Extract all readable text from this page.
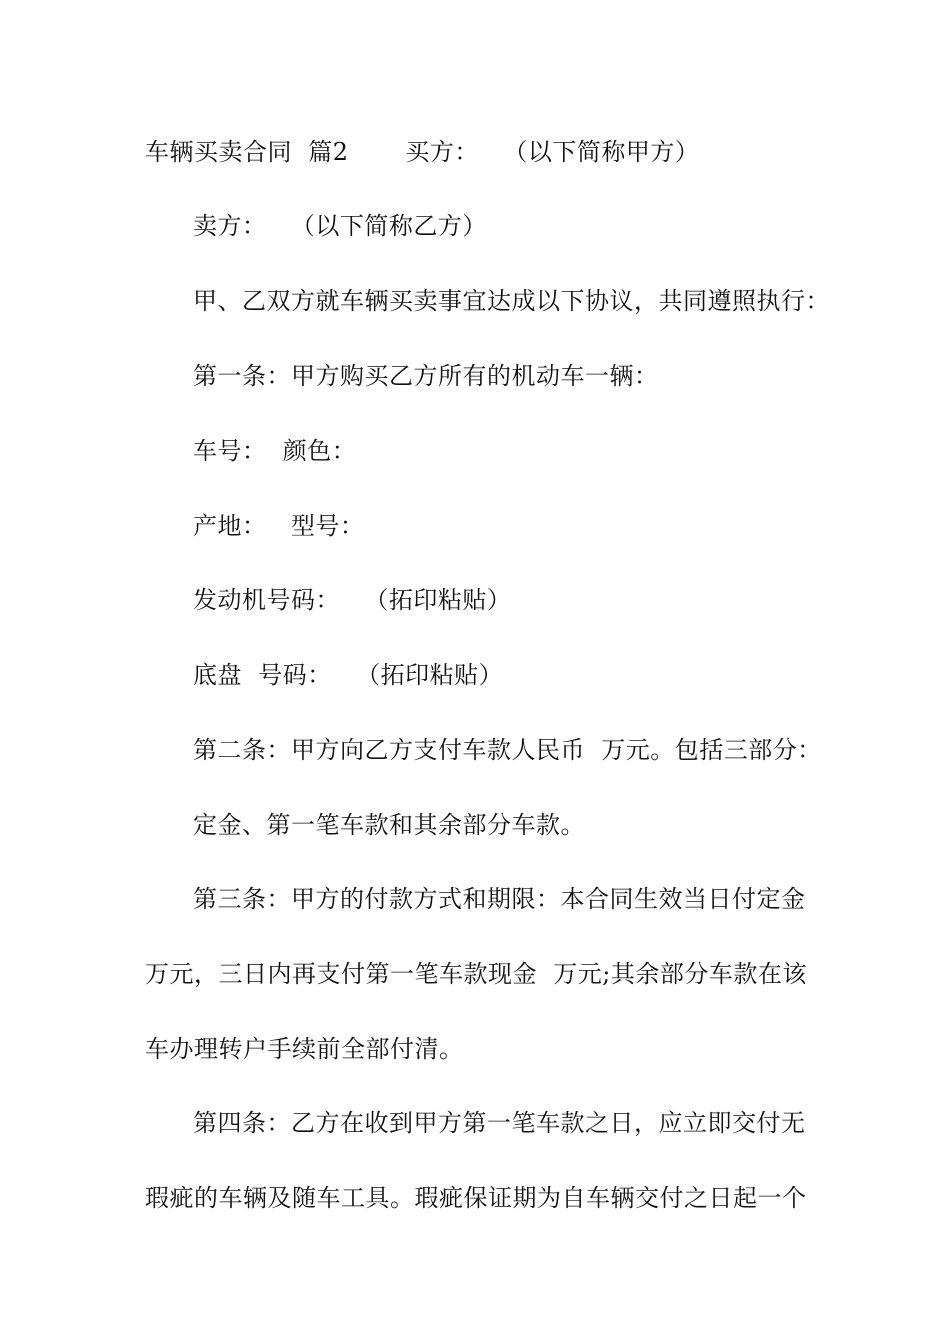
车辆买卖合同  篇2       买方：   （以下简称甲方）
卖方：   （以下简称乙方）
甲、乙双方就车辆买卖事宜达成以下协议，共同遵照执行：
第一条：甲方购买乙方所有的机动车一辆：
车号：  颜色：
产地：   型号：
发动机号码：   （拓印粘贴）
底盘  号码：   （拓印粘贴）
第二条：甲方向乙方支付车款人民币  万元。包括三部分：
定金、第一笔车款和其余部分车款。
第三条：甲方的付款方式和期限：本合同生效当日付定金
万元，三日内再支付第一笔车款现金  万元;其余部分车款在该
车办理转户手续前全部付清。
第四条：乙方在收到甲方第一笔车款之日，应立即交付无
瑕疵的车辆及随车工具。瑕疵保证期为自车辆交付之日起一个
